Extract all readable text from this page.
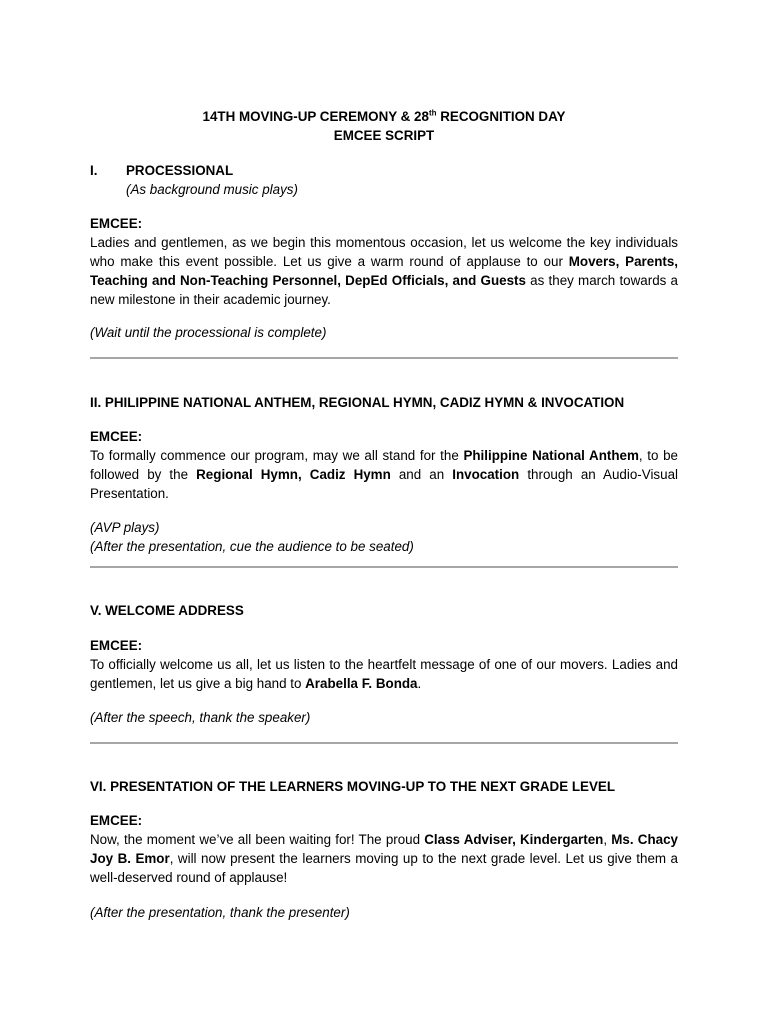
14TH MOVING-UP CEREMONY & 28th RECOGNITION DAY
EMCEE SCRIPT
I. PROCESSIONAL
(As background music plays)
EMCEE:
Ladies and gentlemen, as we begin this momentous occasion, let us welcome the key individuals who make this event possible. Let us give a warm round of applause to our Movers, Parents, Teaching and Non-Teaching Personnel, DepEd Officials, and Guests as they march towards a new milestone in their academic journey.
(Wait until the processional is complete)
II. PHILIPPINE NATIONAL ANTHEM, REGIONAL HYMN, CADIZ HYMN & INVOCATION
EMCEE:
To formally commence our program, may we all stand for the Philippine National Anthem, to be followed by the Regional Hymn, Cadiz Hymn and an Invocation through an Audio-Visual Presentation.
(AVP plays)
(After the presentation, cue the audience to be seated)
V. WELCOME ADDRESS
EMCEE:
To officially welcome us all, let us listen to the heartfelt message of one of our movers. Ladies and gentlemen, let us give a big hand to Arabella F. Bonda.
(After the speech, thank the speaker)
VI. PRESENTATION OF THE LEARNERS MOVING-UP TO THE NEXT GRADE LEVEL
EMCEE:
Now, the moment we’ve all been waiting for! The proud Class Adviser, Kindergarten, Ms. Chacy Joy B. Emor, will now present the learners moving up to the next grade level. Let us give them a well-deserved round of applause!
(After the presentation, thank the presenter)
